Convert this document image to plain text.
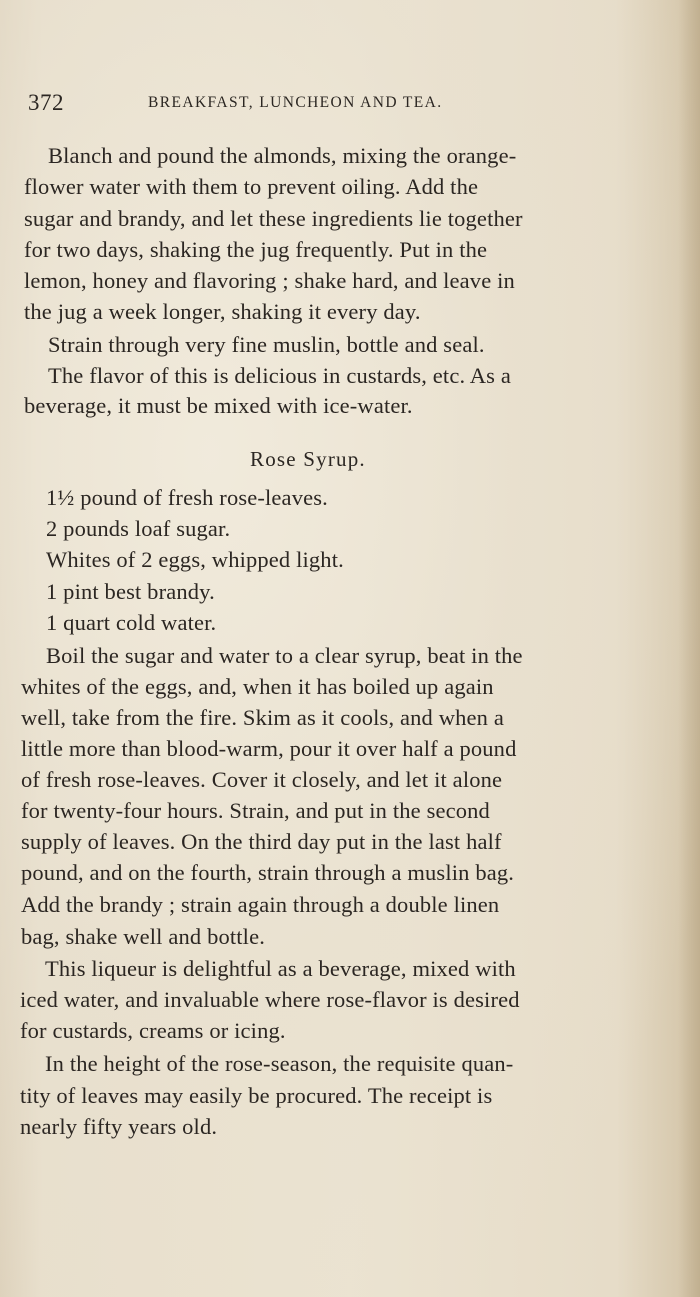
372	BREAKFAST, LUNCHEON AND TEA.
Blanch and pound the almonds, mixing the orange-
flower water with them to prevent oiling. Add the
sugar and brandy, and let these ingredients lie together
for two days, shaking the jug frequently. Put in the
lemon, honey and flavoring ; shake hard, and leave in
the jug a week longer, shaking it every day.
Strain through very fine muslin, bottle and seal.
The flavor of this is delicious in custards, etc. As a
beverage, it must be mixed with ice-water.
Rose Syrup.
1½ pound of fresh rose-leaves.
2 pounds loaf sugar.
Whites of 2 eggs, whipped light.
1 pint best brandy.
1 quart cold water.
Boil the sugar and water to a clear syrup, beat in the
whites of the eggs, and, when it has boiled up again
well, take from the fire. Skim as it cools, and when a
little more than blood-warm, pour it over half a pound
of fresh rose-leaves. Cover it closely, and let it alone
for twenty-four hours. Strain, and put in the second
supply of leaves. On the third day put in the last half
pound, and on the fourth, strain through a muslin bag.
Add the brandy ; strain again through a double linen
bag, shake well and bottle.
This liqueur is delightful as a beverage, mixed with
iced water, and invaluable where rose-flavor is desired
for custards, creams or icing.
In the height of the rose-season, the requisite quan-
tity of leaves may easily be procured. The receipt is
nearly fifty years old.
